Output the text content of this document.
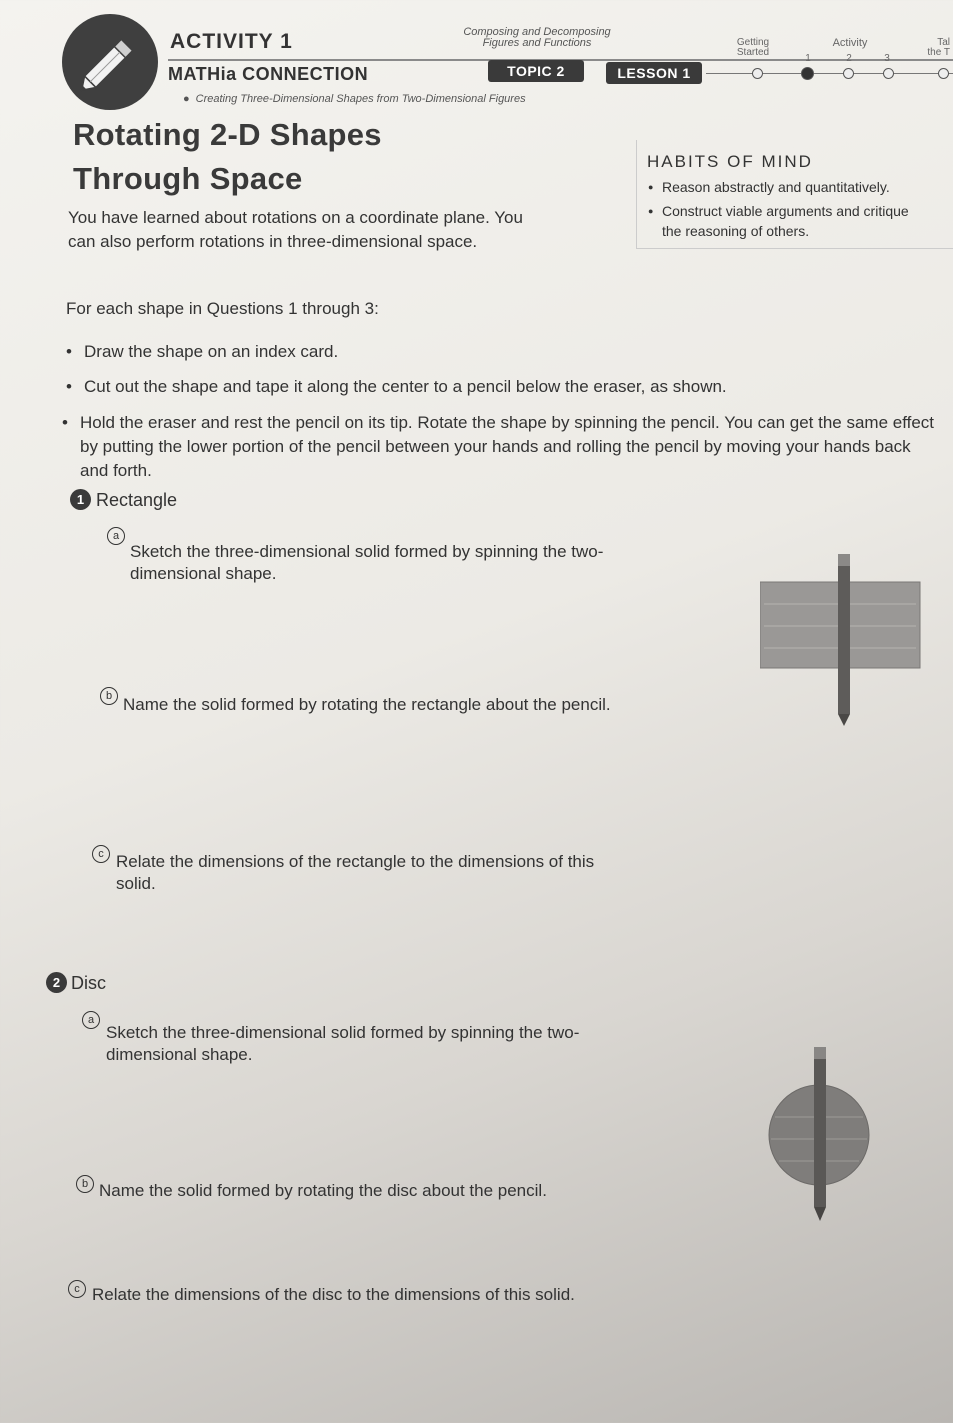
ACTIVITY 1
MATHia CONNECTION
● Creating Three-Dimensional Shapes from Two-Dimensional Figures
Composing and Decomposing Figures and Functions
TOPIC 2	LESSON 1
Getting Started
Activity
1	2	3
Tal the T
Rotating 2-D Shapes
Through Space	HABITS OF MIND
● Reason abstractly and quantitatively.
● Construct viable arguments and critique the reasoning of others.
You have learned about rotations on a coordinate plane. You can also perform rotations in three-dimensional space.
For each shape in Questions 1 through 3:
• Draw the shape on an index card.
• Cut out the shape and tape it along the center to a pencil below the eraser, as shown.
• Hold the eraser and rest the pencil on its tip. Rotate the shape by spinning the pencil. You can get the same effect by putting the lower portion of the pencil between your hands and rolling the pencil by moving your hands back and forth.
1 Rectangle
a
Sketch the three-dimensional solid formed by spinning the two-dimensional shape.
b Name the solid formed by rotating the rectangle about the pencil.
c Relate the dimensions of the rectangle to the dimensions of this solid.
2 Disc
a
Sketch the three-dimensional solid formed by spinning the two-dimensional shape.
b Name the solid formed by rotating the disc about the pencil.
c Relate the dimensions of the disc to the dimensions of this solid.
